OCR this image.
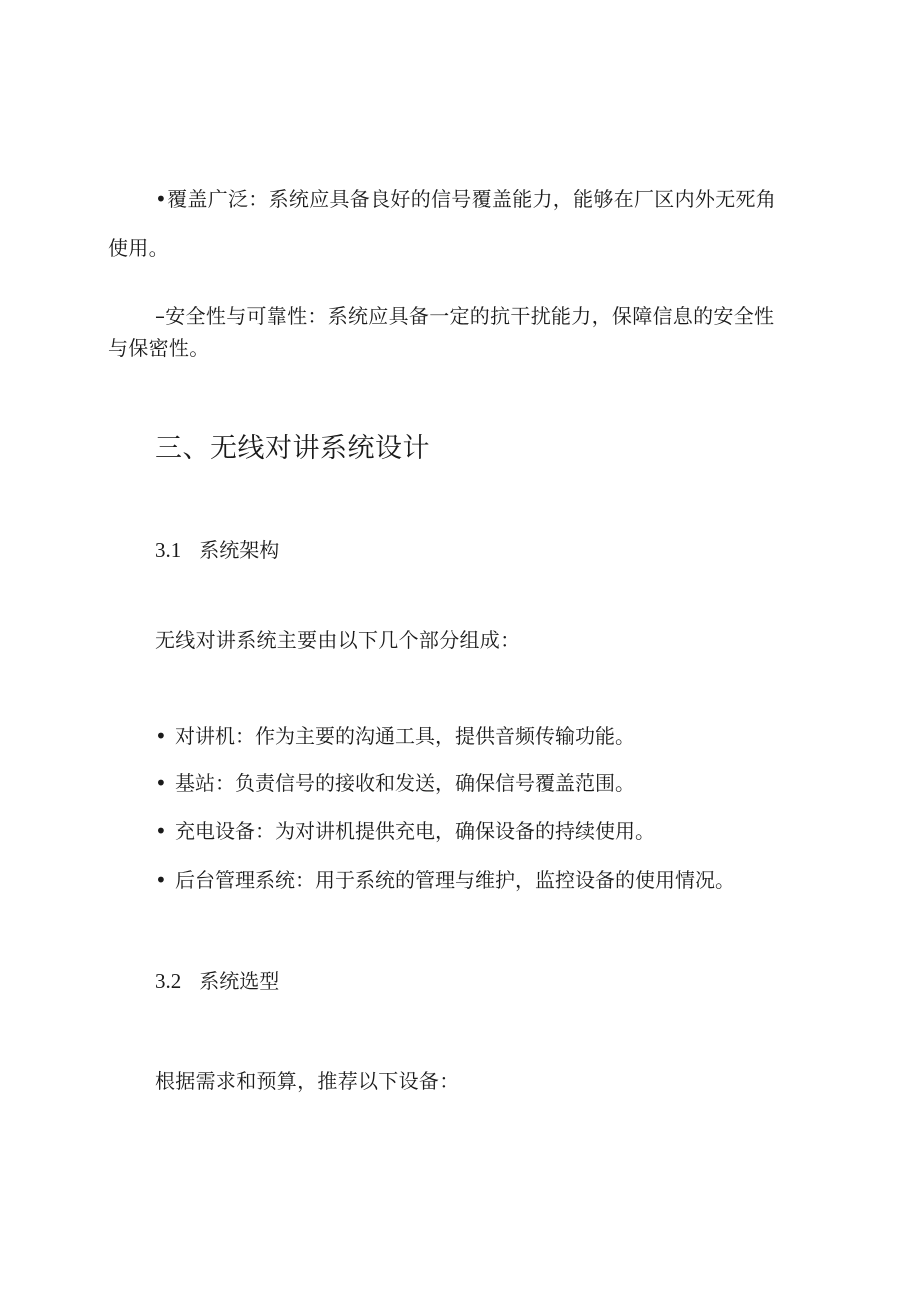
•覆盖广泛：系统应具备良好的信号覆盖能力，能够在厂区内外无死角
使用。
–安全性与可靠性：系统应具备一定的抗干扰能力，保障信息的安全性
与保密性。
三、无线对讲系统设计
3.1 系统架构
无线对讲系统主要由以下几个部分组成：
• 对讲机：作为主要的沟通工具，提供音频传输功能。
• 基站：负责信号的接收和发送，确保信号覆盖范围。
• 充电设备：为对讲机提供充电，确保设备的持续使用。
• 后台管理系统：用于系统的管理与维护，监控设备的使用情况。
3.2 系统选型
根据需求和预算，推荐以下设备：
